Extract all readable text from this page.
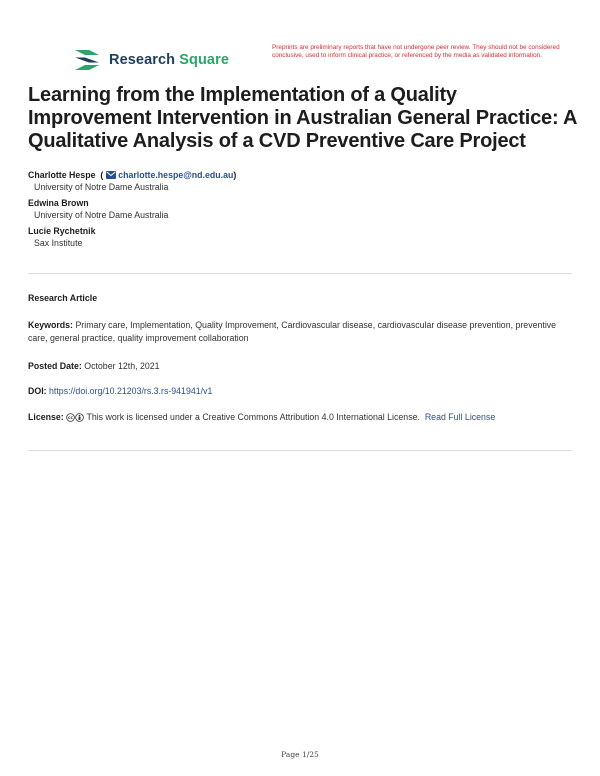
Research Square
Preprints are preliminary reports that have not undergone peer review. They should not be considered conclusive, used to inform clinical practice, or referenced by the media as validated information.
Learning from the Implementation of a Quality Improvement Intervention in Australian General Practice: A Qualitative Analysis of a CVD Preventive Care Project
Charlotte Hespe ( charlotte.hespe@nd.edu.au)
University of Notre Dame Australia
Edwina Brown
University of Notre Dame Australia
Lucie Rychetnik
Sax Institute
Research Article
Keywords: Primary care, Implementation, Quality Improvement, Cardiovascular disease, cardiovascular disease prevention, preventive care, general practice, quality improvement collaboration
Posted Date: October 12th, 2021
DOI: https://doi.org/10.21203/rs.3.rs-941941/v1
License: cc This work is licensed under a Creative Commons Attribution 4.0 International License. Read Full License
Page 1/25
